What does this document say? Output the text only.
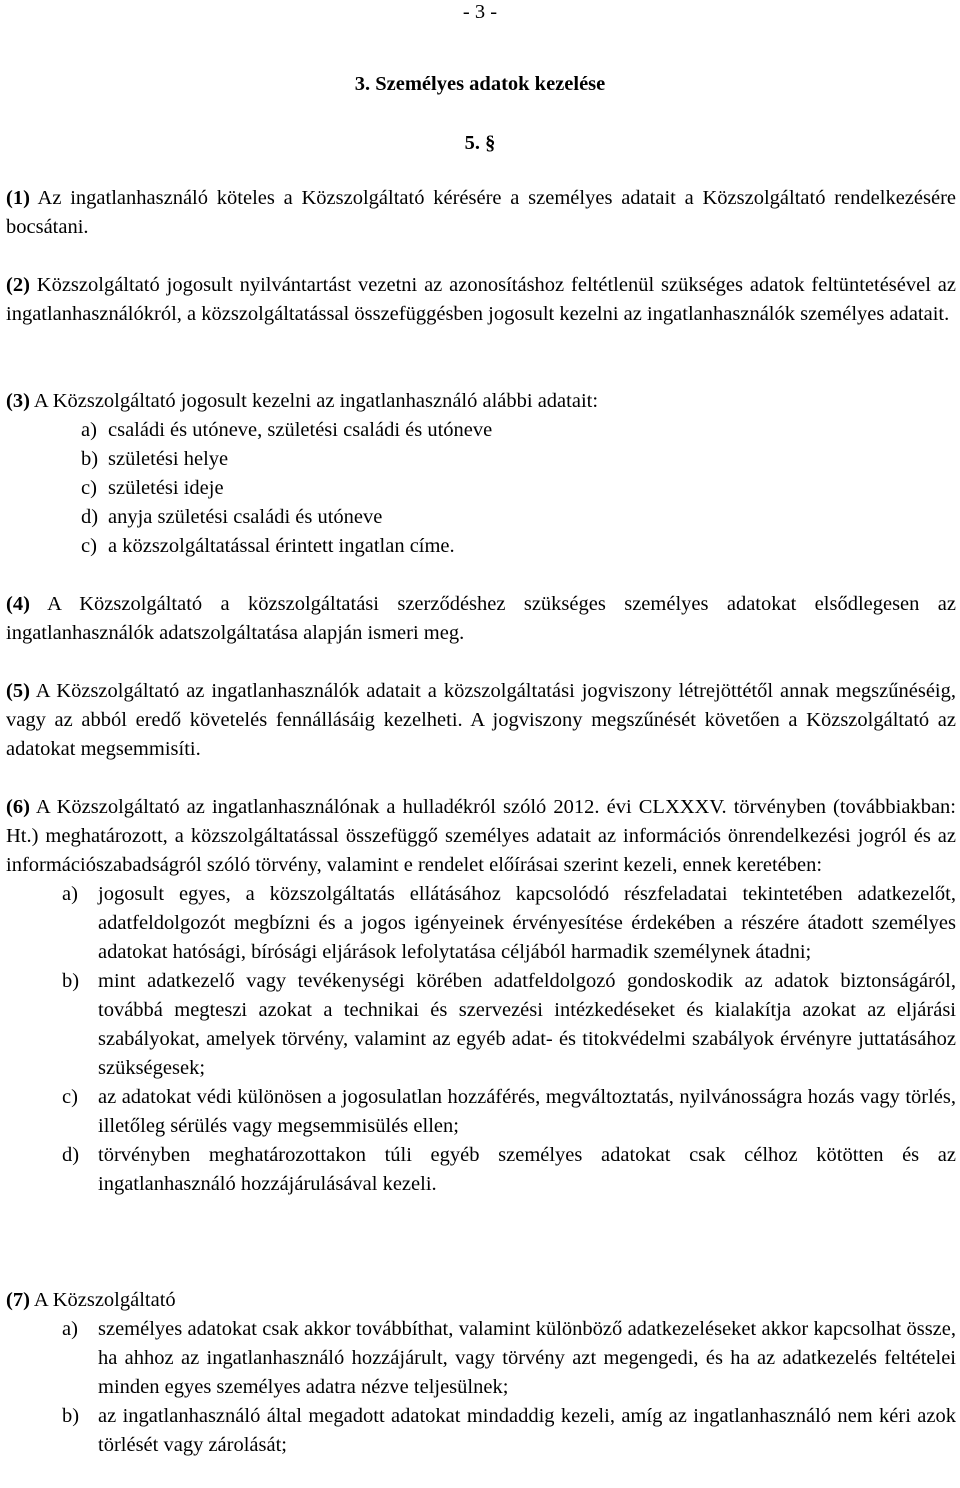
- 3 -
3. Személyes adatok kezelése
5. §

(1) Az ingatlanhasználó köteles a Közszolgáltató kérésére a személyes adatait a Közszolgáltató rendelkezésére bocsátani.

(2) Közszolgáltató jogosult nyilvántartást vezetni az azonosításhoz feltétlenül szükséges adatok feltüntetésével az ingatlanhasználókról, a közszolgáltatással összefüggésben jogosult kezelni az ingatlanhasználók személyes adatait.

(3) A Közszolgáltató jogosult kezelni az ingatlanhasználó alábbi adatait:

a) családi és utóneve, születési családi és utóneve
b) születési helye
c) születési ideje
d) anyja születési családi és utóneve
c) a közszolgáltatással érintett ingatlan címe.

(4) A Közszolgáltató a közszolgáltatási szerződéshez szükséges személyes adatokat elsődlegesen az ingatlanhasználók adatszolgáltatása alapján ismeri meg.

(5) A Közszolgáltató az ingatlanhasználók adatait a közszolgáltatási jogviszony létrejöttétől annak megszűnéséig, vagy az abból eredő követelés fennállásáig kezelheti. A jogviszony megszűnését követően a Közszolgáltató az adatokat megsemmisíti.

(6) A Közszolgáltató az ingatlanhasználónak a hulladékról szóló 2012. évi CLXXXV. törvényben (továbbiakban: Ht.) meghatározott, a közszolgáltatással összefüggő személyes adatait az információs önrendelkezési jogról és az információszabadságról szóló törvény, valamint e rendelet előírásai szerint kezeli, ennek keretében:

a) jogosult egyes, a közszolgáltatás ellátásához kapcsolódó részfeladatai tekintetében adatkezelőt, adatfeldolgozót megbízni és a jogos igényeinek érvényesítése érdekében a részére átadott személyes adatokat hatósági, bírósági eljárások lefolytatása céljából harmadik személynek átadni;
b) mint adatkezelő vagy tevékenységi körében adatfeldolgozó gondoskodik az adatok biztonságáról, továbbá megteszi azokat a technikai és szervezési intézkedéseket és kialakítja azokat az eljárási szabályokat, amelyek törvény, valamint az egyéb adat- és titokvédelmi szabályok érvényre juttatásához szükségesek;
c) az adatokat védi különösen a jogosulatlan hozzáférés, megváltoztatás, nyilvánosságra hozás vagy törlés, illetőleg sérülés vagy megsemmisülés ellen;
d) törvényben meghatározottakon túli egyéb személyes adatokat csak célhoz kötötten és az ingatlanhasználó hozzájárulásával kezeli.

(7) A Közszolgáltató

a) személyes adatokat csak akkor továbbíthat, valamint különböző adatkezeléseket akkor kapcsolhat össze, ha ahhoz az ingatlanhasználó hozzájárult, vagy törvény azt megengedi, és ha az adatkezelés feltételei minden egyes személyes adatra nézve teljesülnek;
b) az ingatlanhasználó által megadott adatokat mindaddig kezeli, amíg az ingatlanhasználó nem kéri azok törlését vagy zárolását;
